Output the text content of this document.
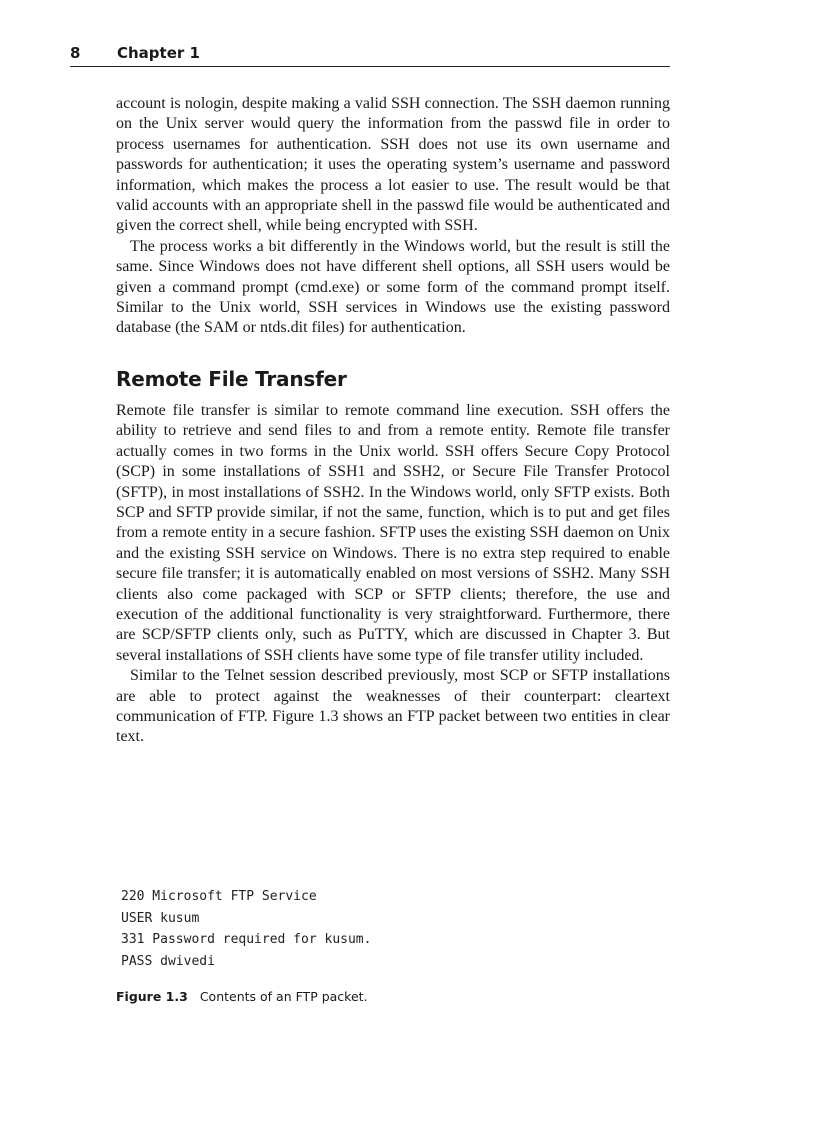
8 Chapter 1

account is nologin, despite making a valid SSH connection. The SSH daemon running on the Unix server would query the information from the passwd file in order to process usernames for authentication. SSH does not use its own username and passwords for authentication; it uses the operating system’s username and password information, which makes the process a lot easier to use. The result would be that valid accounts with an appropriate shell in the passwd file would be authenticated and given the correct shell, while being encrypted with SSH.

The process works a bit differently in the Windows world, but the result is still the same. Since Windows does not have different shell options, all SSH users would be given a command prompt (cmd.exe) or some form of the command prompt itself. Similar to the Unix world, SSH services in Windows use the existing password database (the SAM or ntds.dit files) for authentication.

Remote File Transfer

Remote file transfer is similar to remote command line execution. SSH offers the ability to retrieve and send files to and from a remote entity. Remote file transfer actually comes in two forms in the Unix world. SSH offers Secure Copy Protocol (SCP) in some installations of SSH1 and SSH2, or Secure File Transfer Protocol (SFTP), in most installations of SSH2. In the Windows world, only SFTP exists. Both SCP and SFTP provide similar, if not the same, function, which is to put and get files from a remote entity in a secure fashion. SFTP uses the existing SSH daemon on Unix and the existing SSH service on Windows. There is no extra step required to enable secure file transfer; it is automatically enabled on most versions of SSH2. Many SSH clients also come packaged with SCP or SFTP clients; therefore, the use and execution of the additional functionality is very straightforward. Furthermore, there are SCP/SFTP clients only, such as PuTTY, which are discussed in Chapter 3. But several installations of SSH clients have some type of file transfer utility included.

Similar to the Telnet session described previously, most SCP or SFTP installations are able to protect against the weaknesses of their counterpart: cleartext communication of FTP. Figure 1.3 shows an FTP packet between two entities in clear text.

220 Microsoft FTP Service
USER kusum
331 Password required for kusum.
PASS dwivedi
Figure 1.3 Contents of an FTP packet.
